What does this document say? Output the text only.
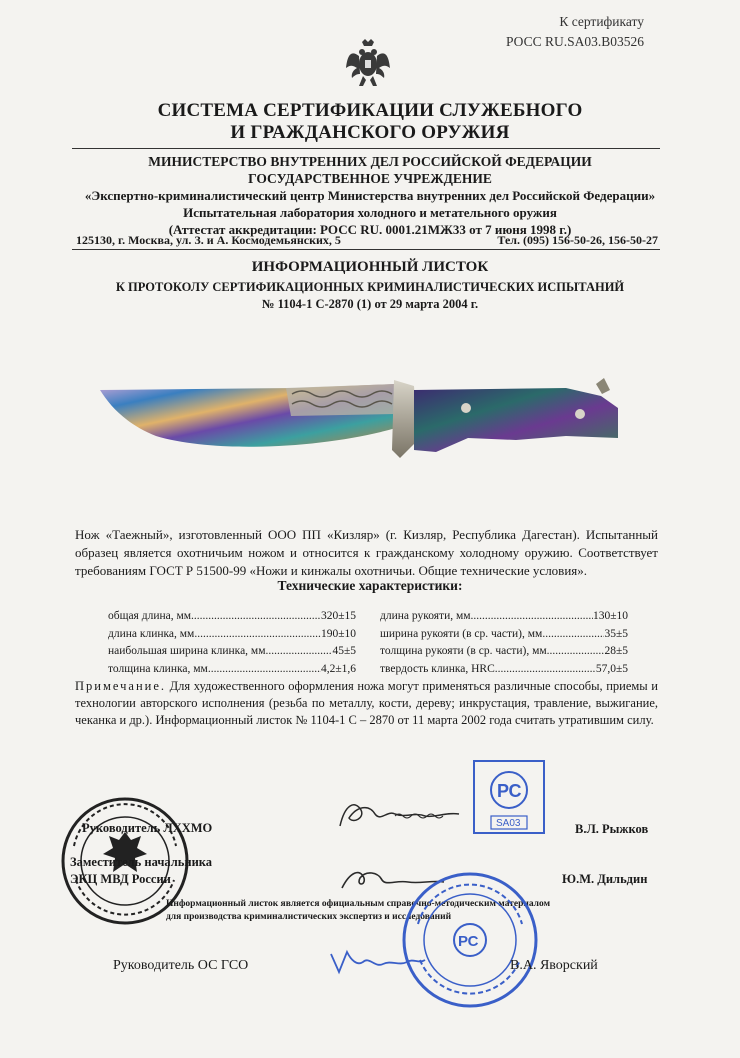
К сертификату
РОСС RU.SA03.B03526
СИСТЕМА СЕРТИФИКАЦИИ СЛУЖЕБНОГО
И ГРАЖДАНСКОГО ОРУЖИЯ
МИНИСТЕРСТВО ВНУТРЕННИХ ДЕЛ РОССИЙСКОЙ ФЕДЕРАЦИИ
ГОСУДАРСТВЕННОЕ УЧРЕЖДЕНИЕ
«Экспертно-криминалистический центр Министерства внутренних дел Российской Федерации»
Испытательная лаборатория холодного и метательного оружия
(Аттестат аккредитации: РОСС RU. 0001.21МЖ33 от 7 июня 1998 г.)
125130, г. Москва, ул. З. и А. Космодемьянских, 5	Тел. (095) 156-50-26, 156-50-27
ИНФОРМАЦИОННЫЙ ЛИСТОК
К ПРОТОКОЛУ СЕРТИФИКАЦИОННЫХ КРИМИНАЛИСТИЧЕСКИХ ИСПЫТАНИЙ
№ 1104-1 С-2870 (1) от 29 марта 2004 г.
Нож «Таежный», изготовленный ООО ПП «Кизляр» (г. Кизляр, Республика Дагестан). Испытанный образец является охотничьим ножом и относится к гражданскому холодному оружию. Соответствует требованиям ГОСТ Р 51500-99 «Ножи и кинжалы охотничьи. Общие технические условия».
Технические характеристики:
общая длина, мм .....	320±15
длина клинка, мм .....	190±10
наибольшая ширина клинка, мм .....	45±5
толщина клинка, мм .....	4,2±1,6
длина рукояти, мм .....	130±10
ширина рукояти (в ср. части), мм .....	35±5
толщина рукояти (в ср. части), мм .....	28±5
твердость клинка, HRC .....	57,0±5
Примечание. Для художественного оформления ножа могут применяться различные способы, приемы и технологии авторского исполнения (резьба по металлу, кости, дереву; инкрустация, травление, выжигание, чеканка и др.). Информационный листок № 1104-1 С – 2870 от 11 марта 2002 года считать утратившим силу.
РС
SA03
Руководитель ЛХХМО	В.Л. Рыжков
Заместитель начальника
ЭКЦ МВД России	Ю.М. Дильдин
Информационный листок является официальным справочно-методическим материалом
для производства криминалистических экспертиз и исследований
РС
Руководитель ОС ГСО	В.А. Яворский
